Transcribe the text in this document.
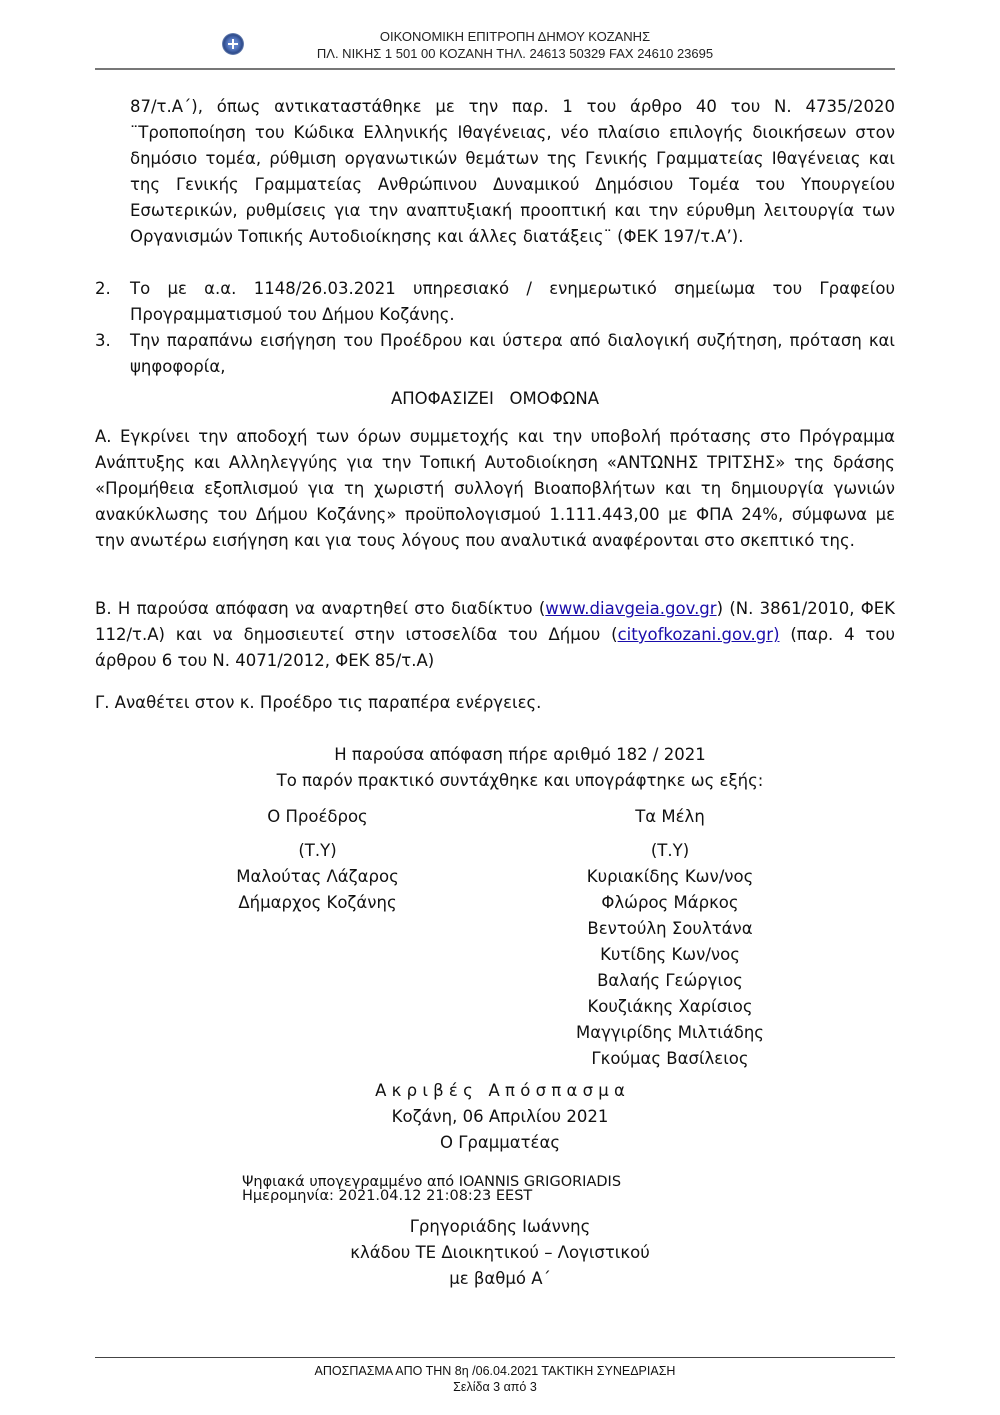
ΟΙΚΟΝΟΜΙΚΗ ΕΠΙΤΡΟΠΗ ΔΗΜΟΥ ΚΟΖΑΝΗΣ
ΠΛ. ΝΙΚΗΣ 1 501 00 ΚΟΖΑΝΗ ΤΗΛ. 24613 50329 FAX 24610 23695
87/τ.Α΄), όπως αντικαταστάθηκε με την παρ. 1 του άρθρο 40 του Ν. 4735/2020 ¨Τροποποίηση του Κώδικα Ελληνικής Ιθαγένειας, νέο πλαίσιο επιλογής διοικήσεων στον δημόσιο τομέα, ρύθμιση οργανωτικών θεμάτων της Γενικής Γραμματείας Ιθαγένειας και της Γενικής Γραμματείας Ανθρώπινου Δυναμικού Δημόσιου Τομέα του Υπουργείου Εσωτερικών, ρυθμίσεις για την αναπτυξιακή προοπτική και την εύρυθμη λειτουργία των Οργανισμών Τοπικής Αυτοδιοίκησης και άλλες διατάξεις¨ (ΦΕΚ 197/τ.Α’).
2. Το με α.α. 1148/26.03.2021 υπηρεσιακό / ενημερωτικό σημείωμα του Γραφείου Προγραμματισμού του Δήμου Κοζάνης.
3. Την παραπάνω εισήγηση του Προέδρου και ύστερα από διαλογική συζήτηση, πρόταση και ψηφοφορία,
ΑΠΟΦΑΣΙΖΕΙ   ΟΜΟΦΩΝΑ
Α. Εγκρίνει την αποδοχή των όρων συμμετοχής και την υποβολή πρότασης στο Πρόγραμμα Ανάπτυξης και Αλληλεγγύης για την Τοπική Αυτοδιοίκηση «ΑΝΤΩΝΗΣ ΤΡΙΤΣΗΣ» της δράσης «Προμήθεια εξοπλισμού για τη χωριστή συλλογή Βιοαποβλήτων και τη δημιουργία γωνιών ανακύκλωσης του Δήμου Κοζάνης» προϋπολογισμού 1.111.443,00 με ΦΠΑ 24%, σύμφωνα με την ανωτέρω εισήγηση και για τους λόγους που αναλυτικά αναφέρονται στο σκεπτικό της.
Β. Η παρούσα απόφαση να αναρτηθεί στο διαδίκτυο (www.diavgeia.gov.gr) (Ν. 3861/2010, ΦΕΚ 112/τ.Α) και να δημοσιευτεί στην ιστοσελίδα του Δήμου (cityofkozani.gov.gr) (παρ. 4 του άρθρου 6 του Ν. 4071/2012, ΦΕΚ 85/τ.Α)
Γ. Αναθέτει στον κ. Προέδρο τις παραπέρα ενέργειες.
Η παρούσα απόφαση πήρε αριθμό 182 / 2021
Το παρόν πρακτικό συντάχθηκε και υπογράφτηκε ως εξής:
Ο Προέδρος
(Τ.Υ)
Μαλούτας Λάζαρος
Δήμαρχος Κοζάνης
Τα Μέλη
(Τ.Υ)
Κυριακίδης Κων/νος
Φλώρος Μάρκος
Βεντούλη Σουλτάνα
Κυτίδης Κων/νος
Βαλαής Γεώργιος
Κουζιάκης Χαρίσιος
Μαγγιρίδης Μιλτιάδης
Γκούμας Βασίλειος
Α κ ρ ι β έ ς   Α π ό σ π α σ μ α
Κοζάνη, 06 Απριλίου 2021
Ο Γραμματέας
Ψηφιακά υπογεγραμμένο από IOANNIS GRIGORIADIS
Ημερομηνία: 2021.04.12 21:08:23 EEST
Γρηγοριάδης Ιωάννης
κλάδου ΤΕ Διοικητικού – Λογιστικού
με βαθμό Α΄
ΑΠΟΣΠΑΣΜΑ ΑΠΟ ΤΗΝ 8η /06.04.2021 ΤΑΚΤΙΚΗ ΣΥΝΕΔΡΙΑΣΗ
Σελίδα 3 από 3
